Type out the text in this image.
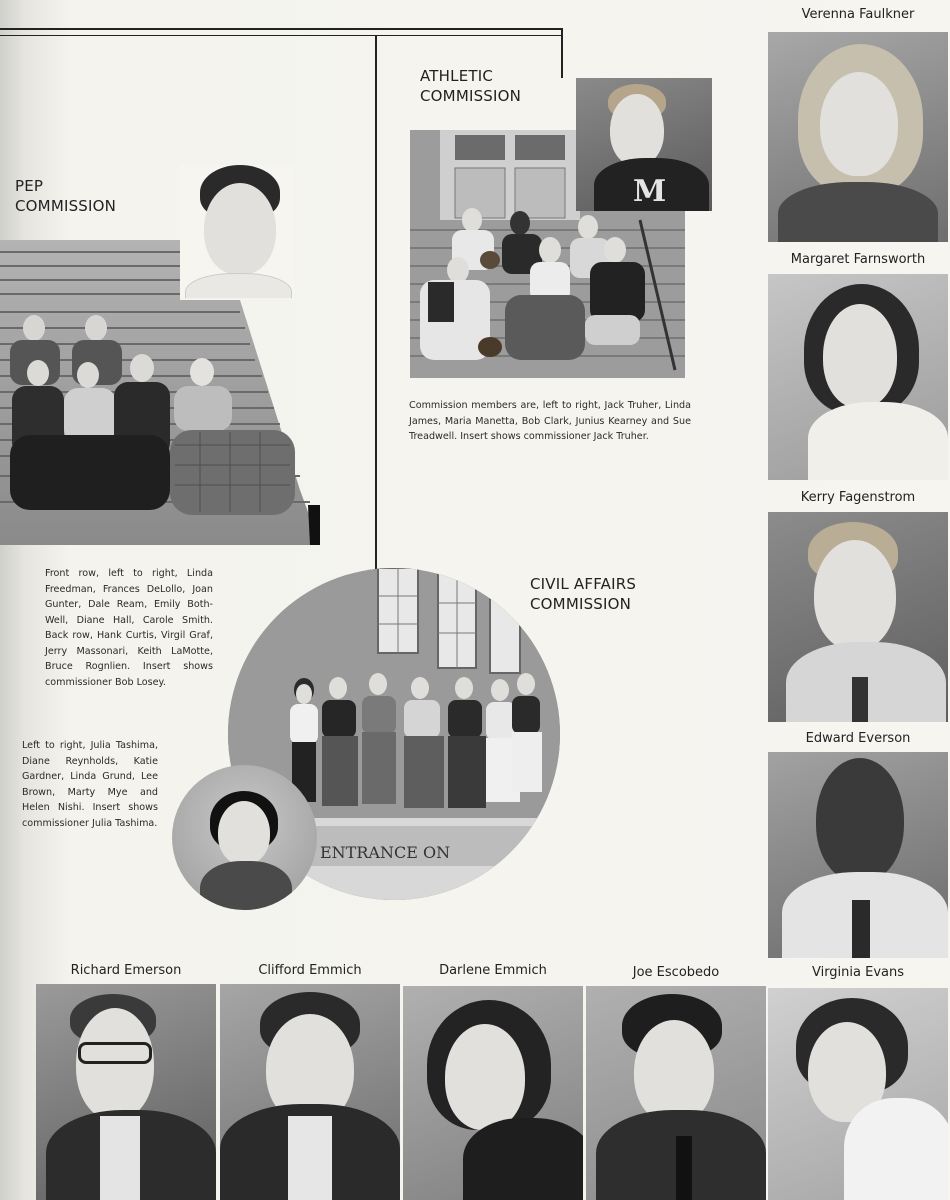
PEP
COMMISSION
Front row, left to right, Linda Freedman, Frances DeLollo, Joan Gunter, Dale Ream, Emily Both-Well, Diane Hall, Carole Smith. Back row, Hank Curtis, Virgil Graf, Jerry Massonari, Keith LaMotte, Bruce Rognlien. Insert shows commissioner Bob Losey.
ATHLETIC
COMMISSION
M
Commission members are, left to right, Jack Truher, Linda James, Maria Manetta, Bob Clark, Junius Kearney and Sue Treadwell. Insert shows commissioner Jack Truher.
CIVIL AFFAIRS
COMMISSION
ENTRANCE ON
Left to right, Julia Tashima, Diane Reynholds, Katie Gardner, Linda Grund, Lee Brown, Marty Mye and Helen Nishi. Insert shows commissioner Julia Tashima.
Verenna Faulkner
Margaret Farnsworth
Kerry Fagenstrom
Edward Everson
Richard Emerson	Clifford Emmich	Darlene Emmich	Joe Escobedo	Virginia Evans
